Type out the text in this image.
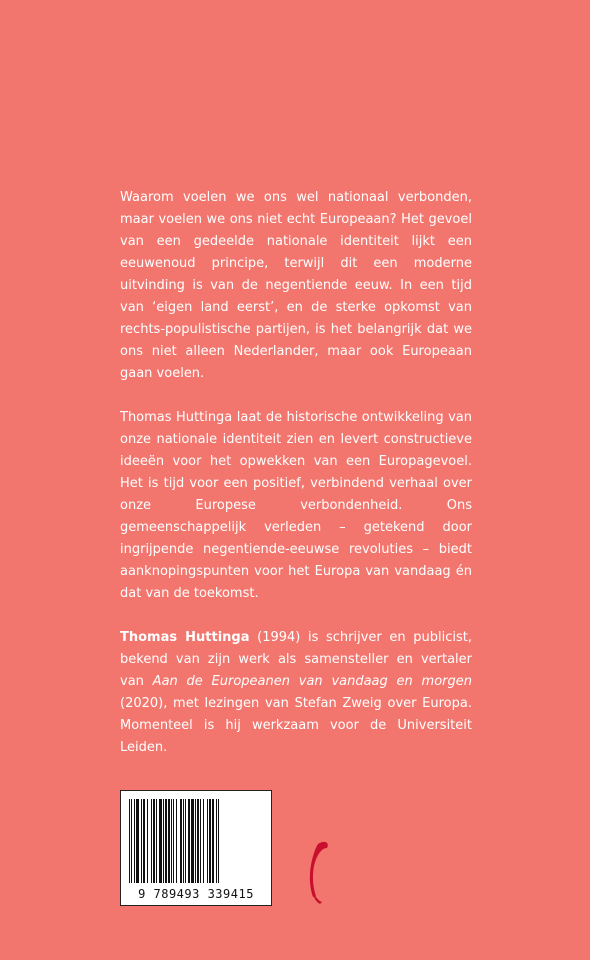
Waarom voelen we ons wel nationaal verbonden, maar voelen we ons niet echt Europeaan? Het gevoel van een gedeelde nationale identiteit lijkt een eeuwenoud principe, terwijl dit een moderne uitvinding is van de negentiende eeuw. In een tijd van ‘eigen land eerst’, en de sterke opkomst van rechts-populistische partijen, is het belangrijk dat we ons niet alleen Nederlander, maar ook Europeaan gaan voelen.

Thomas Huttinga laat de historische ontwikkeling van onze nationale identiteit zien en levert constructieve ideeën voor het opwekken van een Europagevoel. Het is tijd voor een positief, verbindend verhaal over onze Europese verbondenheid. Ons gemeenschappelijk verleden – getekend door ingrijpende negentiende-eeuwse revoluties – biedt aanknopingspunten voor het Europa van vandaag én dat van de toekomst.

Thomas Huttinga (1994) is schrijver en publicist, bekend van zijn werk als samensteller en vertaler van Aan de Europeanen van vandaag en morgen (2020), met lezingen van Stefan Zweig over Europa. Momenteel is hij werkzaam voor de Universiteit Leiden.

9 789493 339415
